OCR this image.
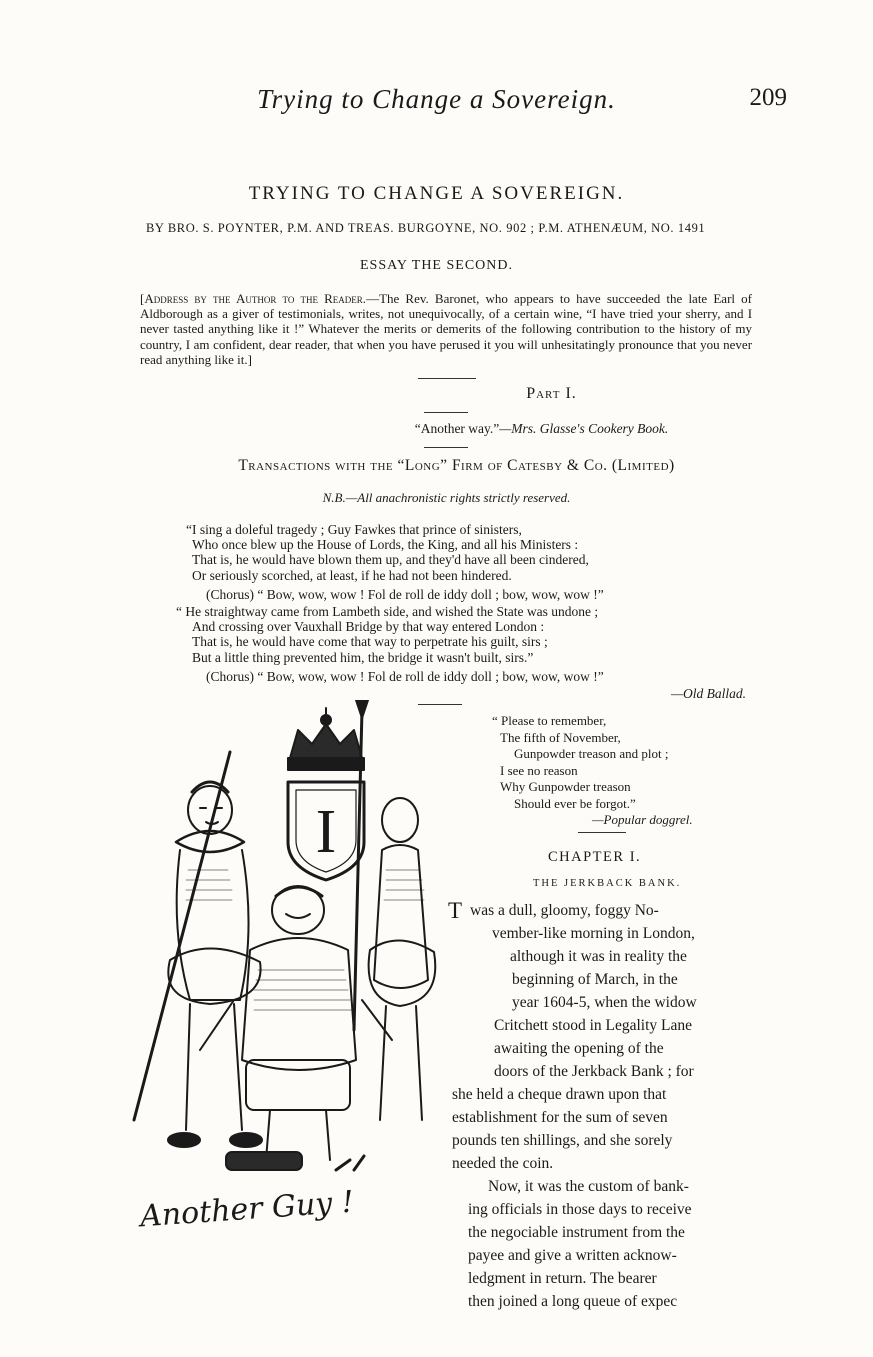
Trying to Change a Sovereign.	209
TRYING TO CHANGE A SOVEREIGN.
BY BRO. S. POYNTER, P.M. AND TREAS. BURGOYNE, NO. 902 ; P.M. ATHENÆUM, NO. 1491
ESSAY THE SECOND.

[Address by the Author to the Reader.—The Rev. Baronet, who appears to have succeeded the late Earl of Aldborough as a giver of testimonials, writes, not unequivocally, of a certain wine, “I have tried your sherry, and I never tasted anything like it !” Whatever the merits or demerits of the following contribution to the history of my country, I am confident, dear reader, that when you have perused it you will unhesitatingly pronounce that you never read anything like it.]

Part I.
“Another way.”—Mrs. Glasse's Cookery Book.
Transactions with the “Long” Firm of Catesby & Co. (Limited)
N.B.—All anachronistic rights strictly reserved.
“I sing a doleful tragedy ; Guy Fawkes that prince of sinisters,
Who once blew up the House of Lords, the King, and all his Ministers :
That is, he would have blown them up, and they'd have all been cindered,
Or seriously scorched, at least, if he had not been hindered.
(Chorus) “ Bow, wow, wow ! Fol de roll de iddy doll ; bow, wow, wow !”
“ He straightway came from Lambeth side, and wished the State was undone ;
And crossing over Vauxhall Bridge by that way entered London :
That is, he would have come that way to perpetrate his guilt, sirs ;
But a little thing prevented him, the bridge it wasn't built, sirs.”
(Chorus) “ Bow, wow, wow ! Fol de roll de iddy doll ; bow, wow, wow !”
—Old Ballad.
“ Please to remember,
The fifth of November,
Gunpowder treason and plot ;
I see no reason
Why Gunpowder treason
Should ever be forgot.”
—Popular doggrel.
CHAPTER I.
THE JERKBACK BANK.
T was a dull, gloomy, foggy No-
vember-like morning in London,
although it was in reality the
beginning of March, in the
year 1604-5, when the widow
Critchett stood in Legality Lane
awaiting the opening of the
doors of the Jerkback Bank ; for
she held a cheque drawn upon that
establishment for the sum of seven
pounds ten shillings, and she sorely
needed the coin.
Now, it was the custom of bank-
ing officials in those days to receive
the negociable instrument from the
payee and give a written acknow-
ledgment in return. The bearer
then joined a long queue of expec
I
Another Guy !
